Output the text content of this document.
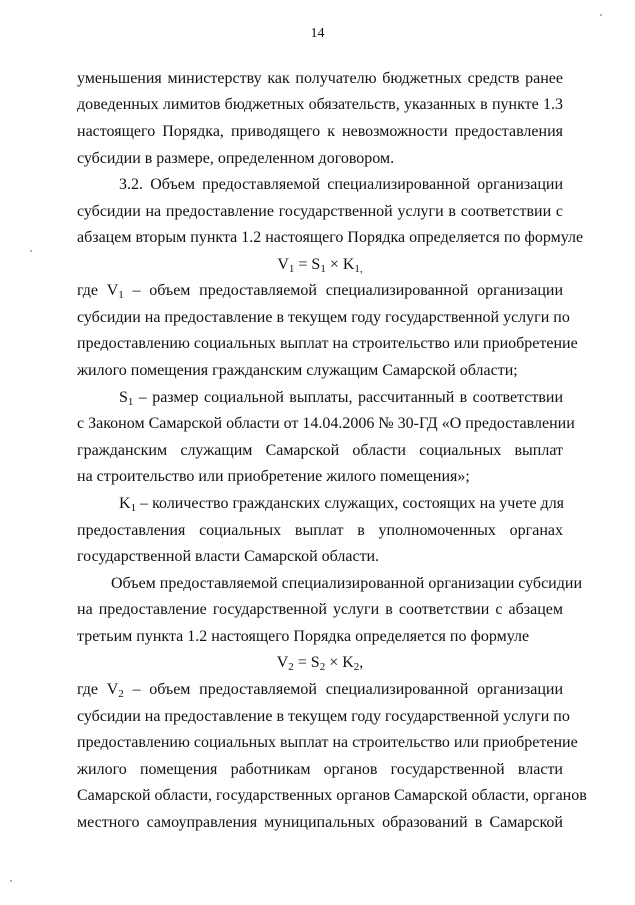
14
уменьшения министерству как получателю бюджетных средств ранее
доведенных лимитов бюджетных обязательств, указанных в пункте 1.3
настоящего Порядка, приводящего к невозможности предоставления
субсидии в размере, определенном договором.
3.2. Объем предоставляемой специализированной организации
субсидии на предоставление государственной услуги в соответствии с
абзацем вторым пункта 1.2 настоящего Порядка определяется по формуле
$V_1 = S_1 \times K_{1,}$
где $V_1$ – объем предоставляемой специализированной организации
субсидии на предоставление в текущем году государственной услуги по
предоставлению социальных выплат на строительство или приобретение
жилого помещения гражданским служащим Самарской области;
$S_1$ – размер социальной выплаты, рассчитанный в соответствии
с Законом Самарской области от 14.04.2006 № 30-ГД «О предоставлении
гражданским служащим Самарской области социальных выплат
на строительство или приобретение жилого помещения»;
$K_1$ – количество гражданских служащих, состоящих на учете для
предоставления социальных выплат в уполномоченных органах
государственной власти Самарской области.
Объем предоставляемой специализированной организации субсидии
на предоставление государственной услуги в соответствии с абзацем
третьим пункта 1.2 настоящего Порядка определяется по формуле
$V_2 = S_2 \times K_2$,
где $V_2$ – объем предоставляемой специализированной организации
субсидии на предоставление в текущем году государственной услуги по
предоставлению социальных выплат на строительство или приобретение
жилого помещения работникам органов государственной власти
Самарской области, государственных органов Самарской области, органов
местного самоуправления муниципальных образований в Самарской
